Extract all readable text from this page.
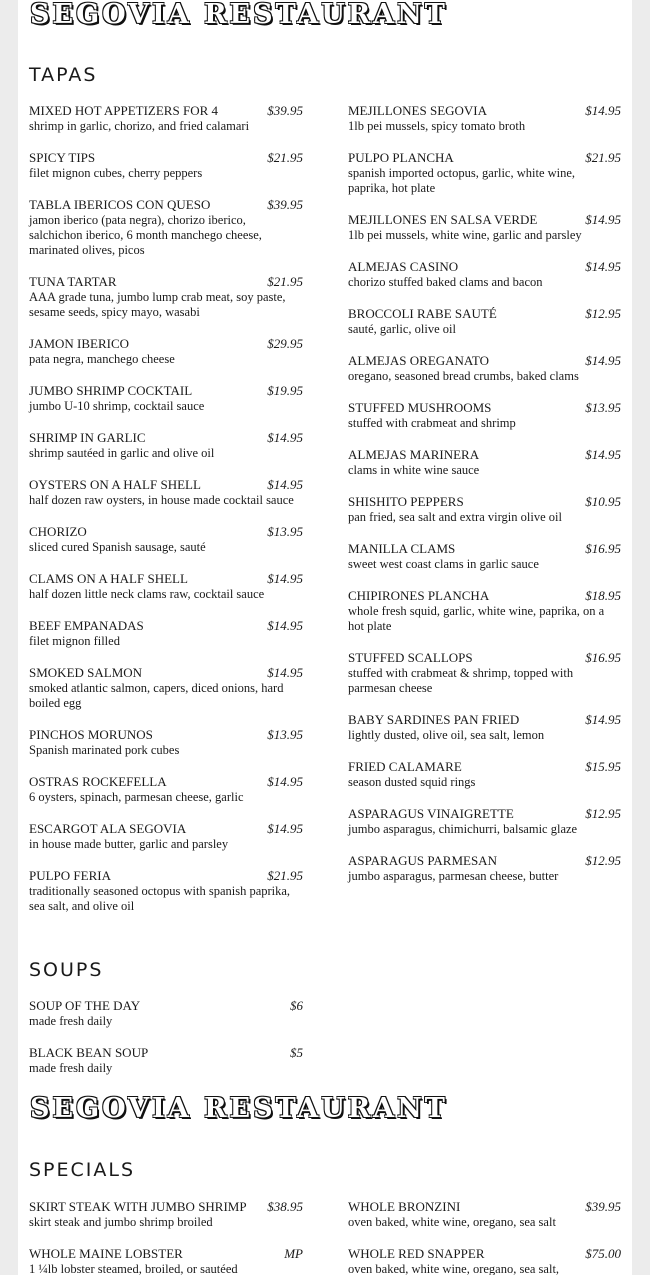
SEGOVIA RESTAURANT
TAPAS
MIXED HOT APPETIZERS FOR 4	$39.95
shrimp in garlic, chorizo, and fried calamari
SPICY TIPS	$21.95
filet mignon cubes, cherry peppers
TABLA IBERICOS CON QUESO	$39.95
jamon iberico (pata negra), chorizo iberico, salchichon iberico, 6 month manchego cheese, marinated olives, picos
TUNA TARTAR	$21.95
AAA grade tuna, jumbo lump crab meat, soy paste, sesame seeds, spicy mayo, wasabi
JAMON IBERICO	$29.95
pata negra, manchego cheese
JUMBO SHRIMP COCKTAIL	$19.95
jumbo U-10 shrimp, cocktail sauce
SHRIMP IN GARLIC	$14.95
shrimp sautéed in garlic and olive oil
OYSTERS ON A HALF SHELL	$14.95
half dozen raw oysters, in house made cocktail sauce
CHORIZO	$13.95
sliced cured Spanish sausage, sauté
CLAMS ON A HALF SHELL	$14.95
half dozen little neck clams raw, cocktail sauce
BEEF EMPANADAS	$14.95
filet mignon filled
SMOKED SALMON	$14.95
smoked atlantic salmon, capers, diced onions, hard boiled egg
PINCHOS MORUNOS	$13.95
Spanish marinated pork cubes
OSTRAS ROCKEFELLA	$14.95
6 oysters, spinach, parmesan cheese, garlic
ESCARGOT ALA SEGOVIA	$14.95
in house made butter, garlic and parsley
PULPO FERIA	$21.95
traditionally seasoned octopus with spanish paprika, sea salt, and olive oil
MEJILLONES SEGOVIA	$14.95
1lb pei mussels, spicy tomato broth
PULPO PLANCHA	$21.95
spanish imported octopus, garlic, white wine, paprika, hot plate
MEJILLONES EN SALSA VERDE	$14.95
1lb pei mussels, white wine, garlic and parsley
ALMEJAS CASINO	$14.95
chorizo stuffed baked clams and bacon
BROCCOLI RABE SAUTÉ	$12.95
sauté, garlic, olive oil
ALMEJAS OREGANATO	$14.95
oregano, seasoned bread crumbs, baked clams
STUFFED MUSHROOMS	$13.95
stuffed with crabmeat and shrimp
ALMEJAS MARINERA	$14.95
clams in white wine sauce
SHISHITO PEPPERS	$10.95
pan fried, sea salt and extra virgin olive oil
MANILLA CLAMS	$16.95
sweet west coast clams in garlic sauce
CHIPIRONES PLANCHA	$18.95
whole fresh squid, garlic, white wine, paprika, on a hot plate
STUFFED SCALLOPS	$16.95
stuffed with crabmeat & shrimp, topped with parmesan cheese
BABY SARDINES PAN FRIED	$14.95
lightly dusted, olive oil, sea salt, lemon
FRIED CALAMARE	$15.95
season dusted squid rings
ASPARAGUS VINAIGRETTE	$12.95
jumbo asparagus, chimichurri, balsamic glaze
ASPARAGUS PARMESAN	$12.95
jumbo asparagus, parmesan cheese, butter
SOUPS
SOUP OF THE DAY	$6
made fresh daily
BLACK BEAN SOUP	$5
made fresh daily
SEGOVIA RESTAURANT
SPECIALS
SKIRT STEAK WITH JUMBO SHRIMP	$38.95
skirt steak and jumbo shrimp broiled
WHOLE MAINE LOBSTER	MP
1 ¼lb lobster steamed, broiled, or sautéed
WHOLE BRONZINI	$39.95
oven baked, white wine, oregano, sea salt
WHOLE RED SNAPPER	$75.00
oven baked, white wine, oregano, sea salt,
